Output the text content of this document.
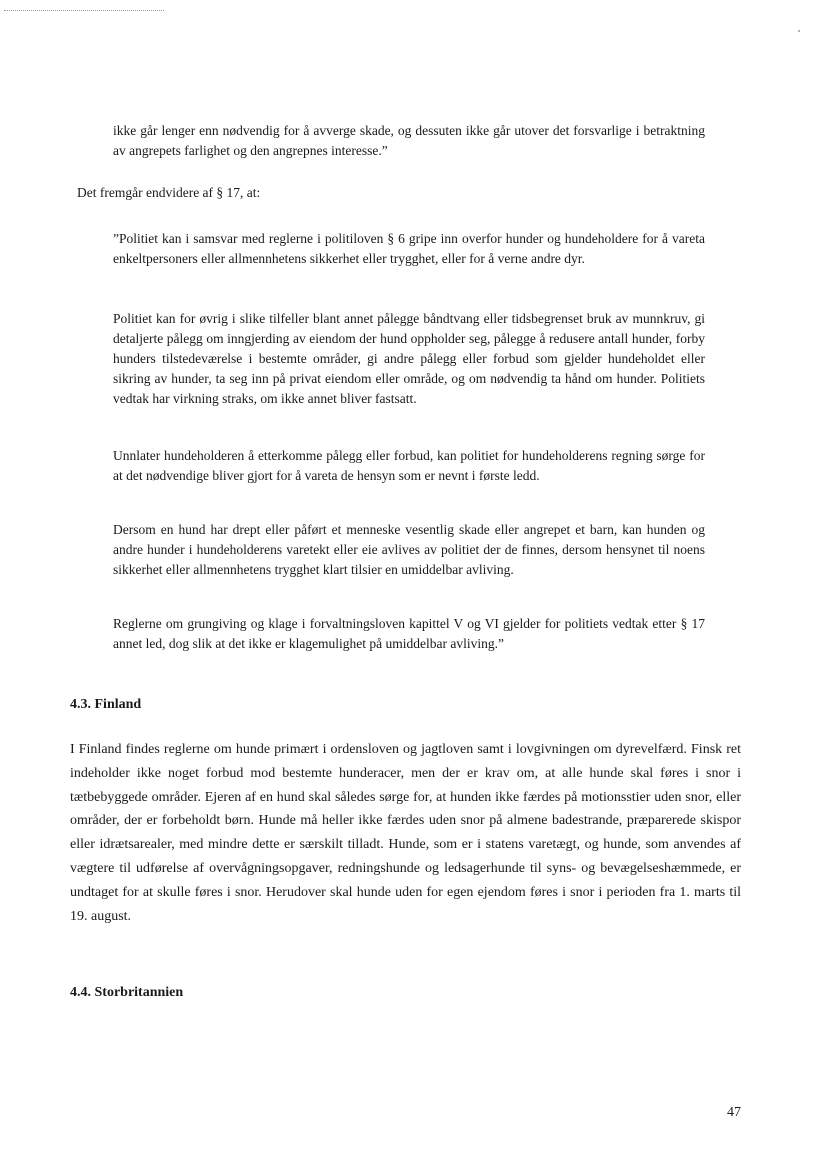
ikke går lenger enn nødvendig for å avverge skade, og dessuten ikke går utover det forsvarlige i betraktning av angrepets farlighet og den angrepnes interesse.”

Det fremgår endvidere af § 17, at:

”Politiet kan i samsvar med reglerne i politiloven § 6 gripe inn overfor hunder og hundeholdere for å vareta enkeltpersoners eller allmennhetens sikkerhet eller trygghet, eller for å verne andre dyr.

Politiet kan for øvrig i slike tilfeller blant annet pålegge båndtvang eller tidsbegrenset bruk av munnkruv, gi detaljerte pålegg om inngjerding av eiendom der hund oppholder seg, pålegge å redusere antall hunder, forby hunders tilstedeværelse i bestemte områder, gi andre pålegg eller forbud som gjelder hundeholdet eller sikring av hunder, ta seg inn på privat eiendom eller område, og om nødvendig ta hånd om hunder. Politiets vedtak har virkning straks, om ikke annet bliver fastsatt.

Unnlater hundeholderen å etterkomme pålegg eller forbud, kan politiet for hundeholderens regning sørge for at det nødvendige bliver gjort for å vareta de hensyn som er nevnt i første ledd.

Dersom en hund har drept eller påført et menneske vesentlig skade eller angrepet et barn, kan hunden og andre hunder i hundeholderens varetekt eller eie avlives av politiet der de finnes, dersom hensynet til noens sikkerhet eller allmennhetens trygghet klart tilsier en umiddelbar avliving.

Reglerne om grungiving og klage i forvaltningsloven kapittel V og VI gjelder for politiets vedtak etter § 17 annet led, dog slik at det ikke er klagemulighet på umiddelbar avliving.”

4.3. Finland

I Finland findes reglerne om hunde primært i ordensloven og jagtloven samt i lovgivningen om dyrevelfærd. Finsk ret indeholder ikke noget forbud mod bestemte hunderacer, men der er krav om, at alle hunde skal føres i snor i tætbebyggede områder. Ejeren af en hund skal således sørge for, at hunden ikke færdes på motionsstier uden snor, eller områder, der er forbeholdt børn. Hunde må heller ikke færdes uden snor på almene badestrande, præparerede skispor eller idrætsarealer, med mindre dette er særskilt tilladt. Hunde, som er i statens varetægt, og hunde, som anvendes af vægtere til udførelse af overvågningsopgaver, redningshunde og ledsagerhunde til syns- og bevægelseshæmmede, er undtaget for at skulle føres i snor. Herudover skal hunde uden for egen ejendom føres i snor i perioden fra 1. marts til 19. august.

4.4. Storbritannien

47
